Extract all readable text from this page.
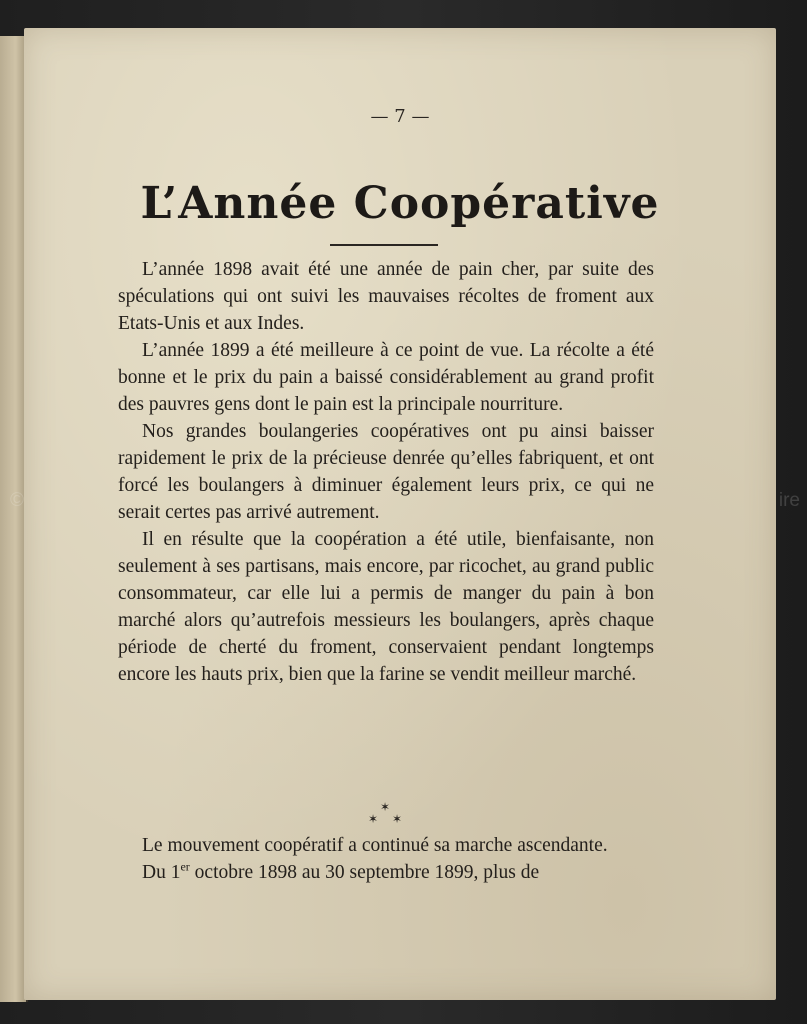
— 7 —
L’Année Coopérative

L’année 1898 avait été une année de pain cher, par suite des spéculations qui ont suivi les mauvaises récoltes de froment aux Etats-Unis et aux Indes.

L’année 1899 a été meilleure à ce point de vue. La récolte a été bonne et le prix du pain a baissé considérablement au grand profit des pauvres gens dont le pain est la principale nourriture.

Nos grandes boulangeries coopératives ont pu ainsi baisser rapidement le prix de la précieuse denrée qu’elles fabriquent, et ont forcé les boulangers à diminuer également leurs prix, ce qui ne serait certes pas arrivé autrement.

Il en résulte que la coopération a été utile, bienfaisante, non seulement à ses partisans, mais encore, par ricochet, au grand public consommateur, car elle lui a permis de manger du pain à bon marché alors qu’autrefois messieurs les boulangers, après chaque période de cherté du froment, conservaient pendant longtemps encore les hauts prix, bien que la farine se vendit meilleur marché.

✶
✶ ✶

Le mouvement coopératif a continué sa marche ascendante.

Du 1er octobre 1898 au 30 septembre 1899, plus de

©	ire
